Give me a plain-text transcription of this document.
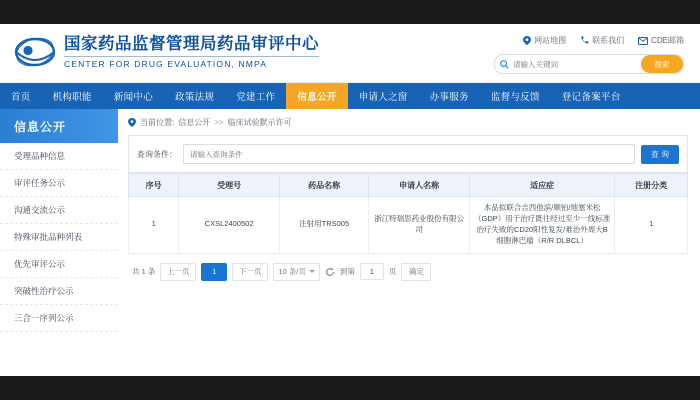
国家药品监督管理局药品审评中心
CENTER FOR DRUG EVALUATION, NMPA
网站地图	联系我们	CDE邮箱
请输入关键词
搜索
首页	机构职能	新闻中心	政策法规	党建工作	信息公开	申请人之窗	办事服务	监督与反馈	登记备案平台
信息公开
受理品种信息
审评任务公示
沟通交流公示
特殊审批品种列表
优先审评公示
突破性治疗公示
三合一序列公示
当前位置: 信息公开 >> 临床试验默示许可
查询条件：
请输入查询条件	查 询
序号	受理号	药品名称	申请人名称	适应症	注册分类
1	CXSL2400502	注射用TRS005	浙江特瑞思药业股份有限公司	本品拟联合吉西他滨/顺铂/地塞米松（GDP）用于治疗既往经过至少一线标准治疗失败的CD20阳性复发/难治外周大B细胞淋巴瘤（R/R DLBCL）	1
共 1 条	上一页	1	下一页	10 条/页	到第
1	页	确定
